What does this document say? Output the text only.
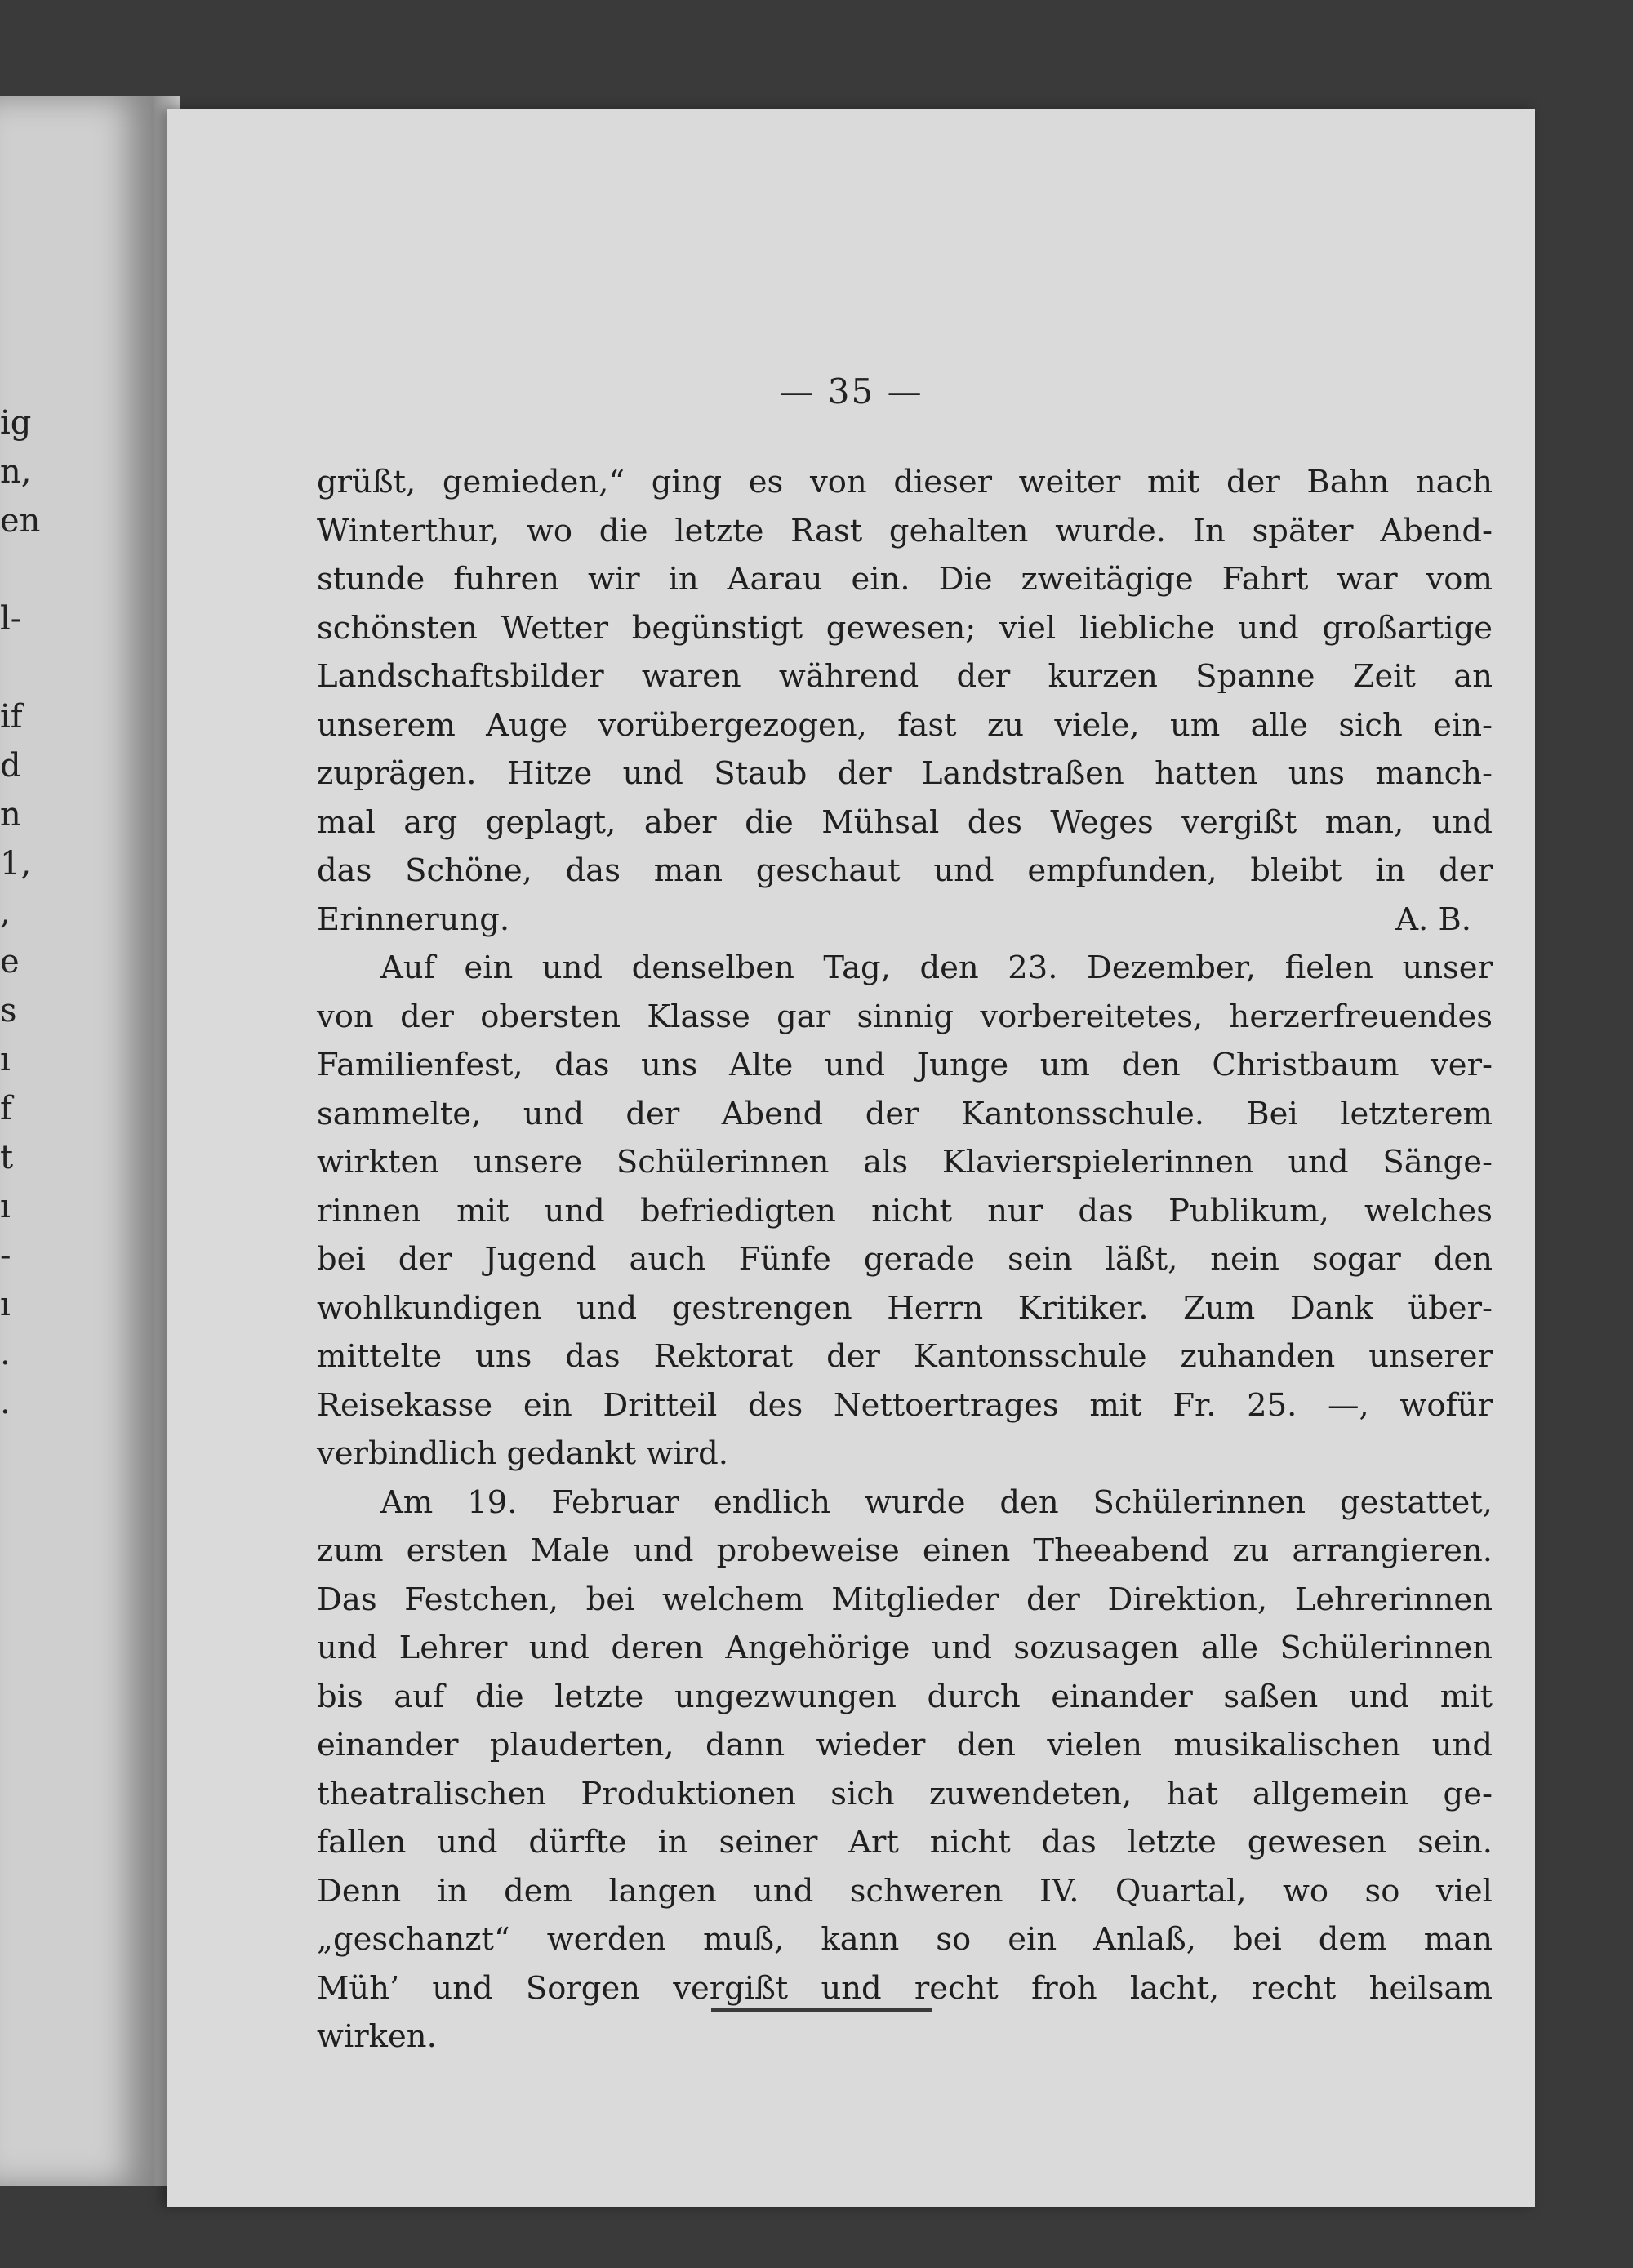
ig
n,
en

l-

if
d
n
1,
,
e
s
ı
f
t
ı
-
ı
.
.
— 35 —
grüßt, gemieden,“ ging es von dieser weiter mit der Bahn nach
Winterthur, wo die letzte Rast gehalten wurde. In später Abend-
stunde fuhren wir in Aarau ein. Die zweitägige Fahrt war vom
schönsten Wetter begünstigt gewesen; viel liebliche und großartige
Landschaftsbilder waren während der kurzen Spanne Zeit an
unserem Auge vorübergezogen, fast zu viele, um alle sich ein-
zuprägen. Hitze und Staub der Landstraßen hatten uns manch-
mal arg geplagt, aber die Mühsal des Weges vergißt man, und
das Schöne, das man geschaut und empfunden, bleibt in der
Erinnerung.	A. B.
Auf ein und denselben Tag, den 23. Dezember, fielen unser
von der obersten Klasse gar sinnig vorbereitetes, herzerfreuendes
Familienfest, das uns Alte und Junge um den Christbaum ver-
sammelte, und der Abend der Kantonsschule. Bei letzterem
wirkten unsere Schülerinnen als Klavierspielerinnen und Sänge-
rinnen mit und befriedigten nicht nur das Publikum, welches
bei der Jugend auch Fünfe gerade sein läßt, nein sogar den
wohlkundigen und gestrengen Herrn Kritiker. Zum Dank über-
mittelte uns das Rektorat der Kantonsschule zuhanden unserer
Reisekasse ein Dritteil des Nettoertrages mit Fr. 25. —, wofür
verbindlich gedankt wird.
Am 19. Februar endlich wurde den Schülerinnen gestattet,
zum ersten Male und probeweise einen Theeabend zu arrangieren.
Das Festchen, bei welchem Mitglieder der Direktion, Lehrerinnen
und Lehrer und deren Angehörige und sozusagen alle Schülerinnen
bis auf die letzte ungezwungen durch einander saßen und mit
einander plauderten, dann wieder den vielen musikalischen und
theatralischen Produktionen sich zuwendeten, hat allgemein ge-
fallen und dürfte in seiner Art nicht das letzte gewesen sein.
Denn in dem langen und schweren IV. Quartal, wo so viel
„geschanzt“ werden muß, kann so ein Anlaß, bei dem man
Müh’ und Sorgen vergißt und recht froh lacht, recht heilsam
wirken.
